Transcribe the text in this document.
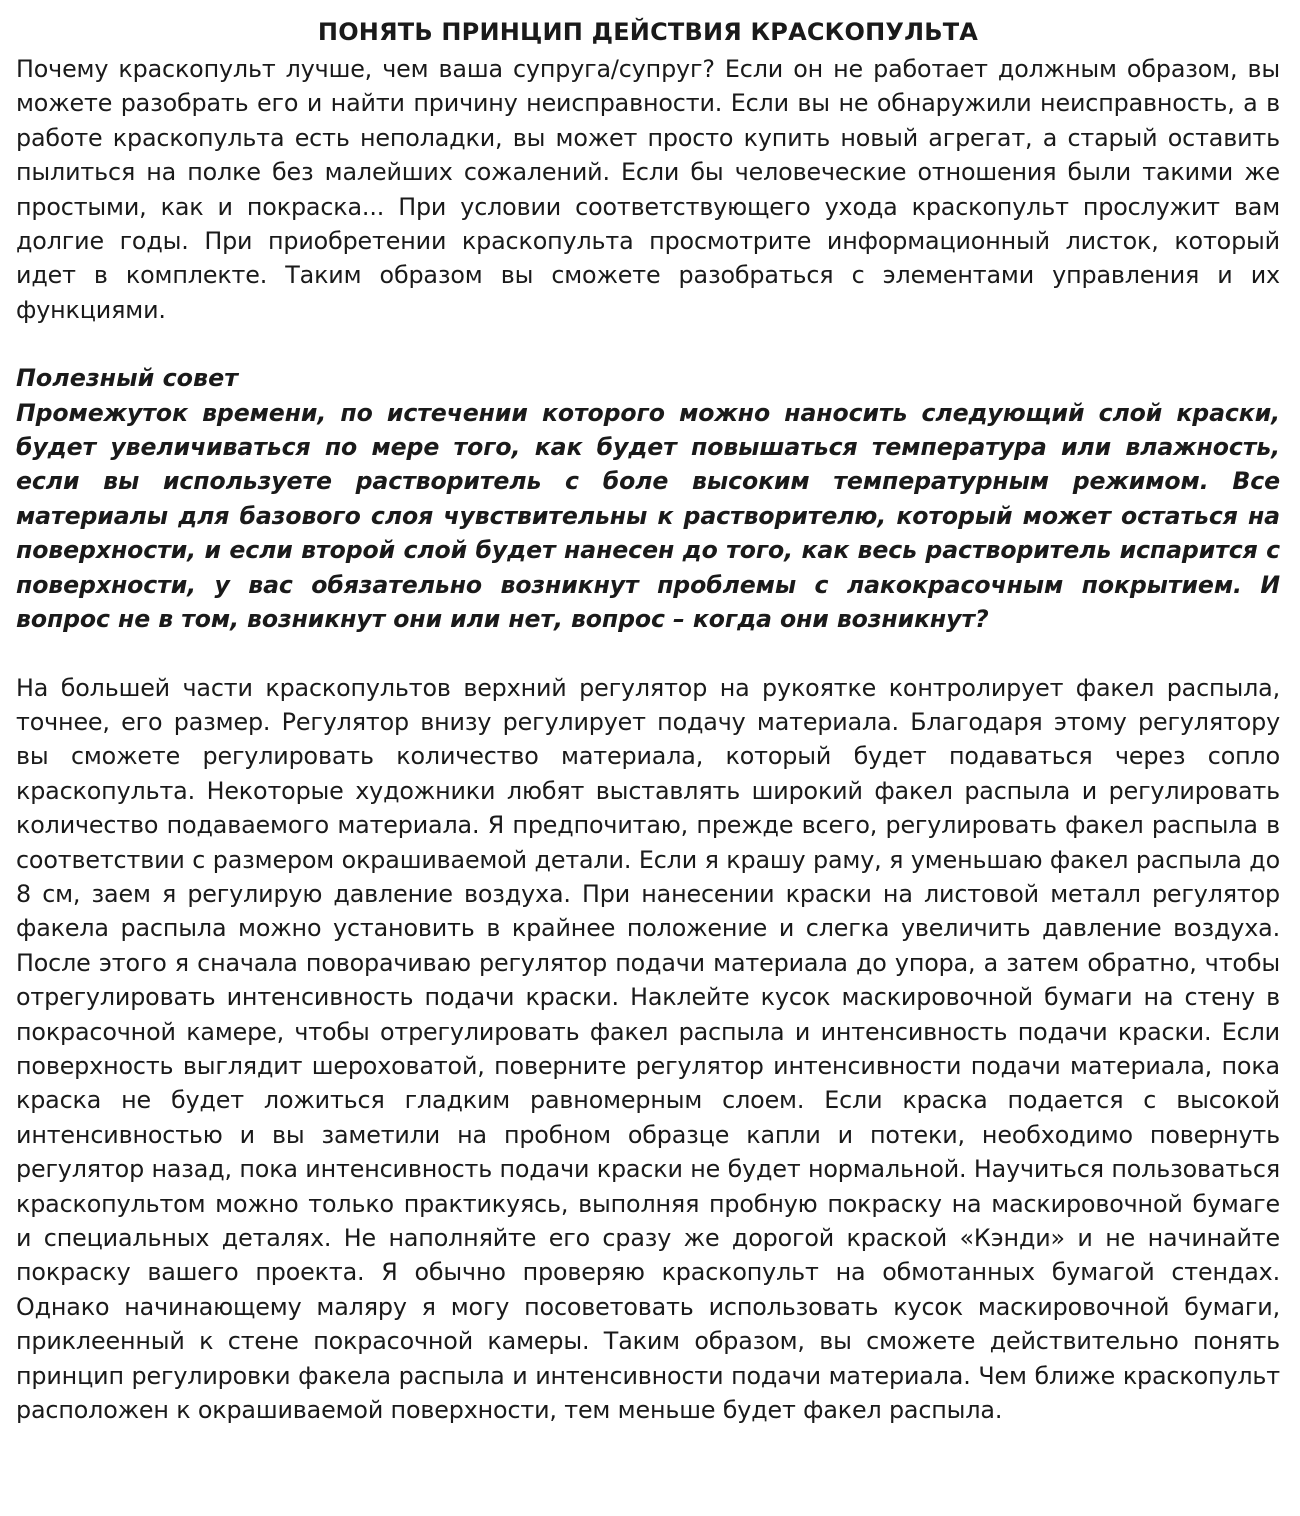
ПОНЯТЬ ПРИНЦИП ДЕЙСТВИЯ КРАСКОПУЛЬТА

Почему краскопульт лучше, чем ваша супруга/супруг? Если он не работает должным образом, вы можете разобрать его и найти причину неисправности. Если вы не обнаружили неисправность, а в работе краскопульта есть неполадки, вы может просто купить новый агрегат, а старый оставить пылиться на полке без малейших сожалений. Если бы человеческие отношения были такими же простыми, как и покраска... При условии соответствующего ухода краскопульт прослужит вам долгие годы. При приобретении краскопульта просмотрите информационный листок, который идет в комплекте. Таким образом вы сможете разобраться с элементами управления и их функциями.

Полезный совет

Промежуток времени, по истечении которого можно наносить следующий слой краски, будет увеличиваться по мере того, как будет повышаться температура или влажность, если вы используете растворитель с боле высоким температурным режимом. Все материалы для базового слоя чувствительны к растворителю, который может остаться на поверхности, и если второй слой будет нанесен до того, как весь растворитель испарится с поверхности, у вас обязательно возникнут проблемы с лакокрасочным покрытием. И вопрос не в том, возникнут они или нет, вопрос – когда они возникнут?

На большей части краскопультов верхний регулятор на рукоятке контролирует факел распыла, точнее, его размер. Регулятор внизу регулирует подачу материала. Благодаря этому регулятору вы сможете регулировать количество материала, который будет подаваться через сопло краскопульта. Некоторые художники любят выставлять широкий факел распыла и регулировать количество подаваемого материала. Я предпочитаю, прежде всего, регулировать факел распыла в соответствии с размером окрашиваемой детали. Если я крашу раму, я уменьшаю факел распыла до 8 см, заем я регулирую давление воздуха. При нанесении краски на листовой металл регулятор факела распыла можно установить в крайнее положение и слегка увеличить давление воздуха. После этого я сначала поворачиваю регулятор подачи материала до упора, а затем обратно, чтобы отрегулировать интенсивность подачи краски. Наклейте кусок маскировочной бумаги на стену в покрасочной камере, чтобы отрегулировать факел распыла и интенсивность подачи краски. Если поверхность выглядит шероховатой, поверните регулятор интенсивности подачи материала, пока краска не будет ложиться гладким равномерным слоем. Если краска подается с высокой интенсивностью и вы заметили на пробном образце капли и потеки, необходимо повернуть регулятор назад, пока интенсивность подачи краски не будет нормальной. Научиться пользоваться краскопультом можно только практикуясь, выполняя пробную покраску на маскировочной бумаге и специальных деталях. Не наполняйте его сразу же дорогой краской «Кэнди» и не начинайте покраску вашего проекта. Я обычно проверяю краскопульт на обмотанных бумагой стендах. Однако начинающему маляру я могу посоветовать использовать кусок маскировочной бумаги, приклеенный к стене покрасочной камеры. Таким образом, вы сможете действительно понять принцип регулировки факела распыла и интенсивности подачи материала. Чем ближе краскопульт расположен к окрашиваемой поверхности, тем меньше будет факел распыла.
